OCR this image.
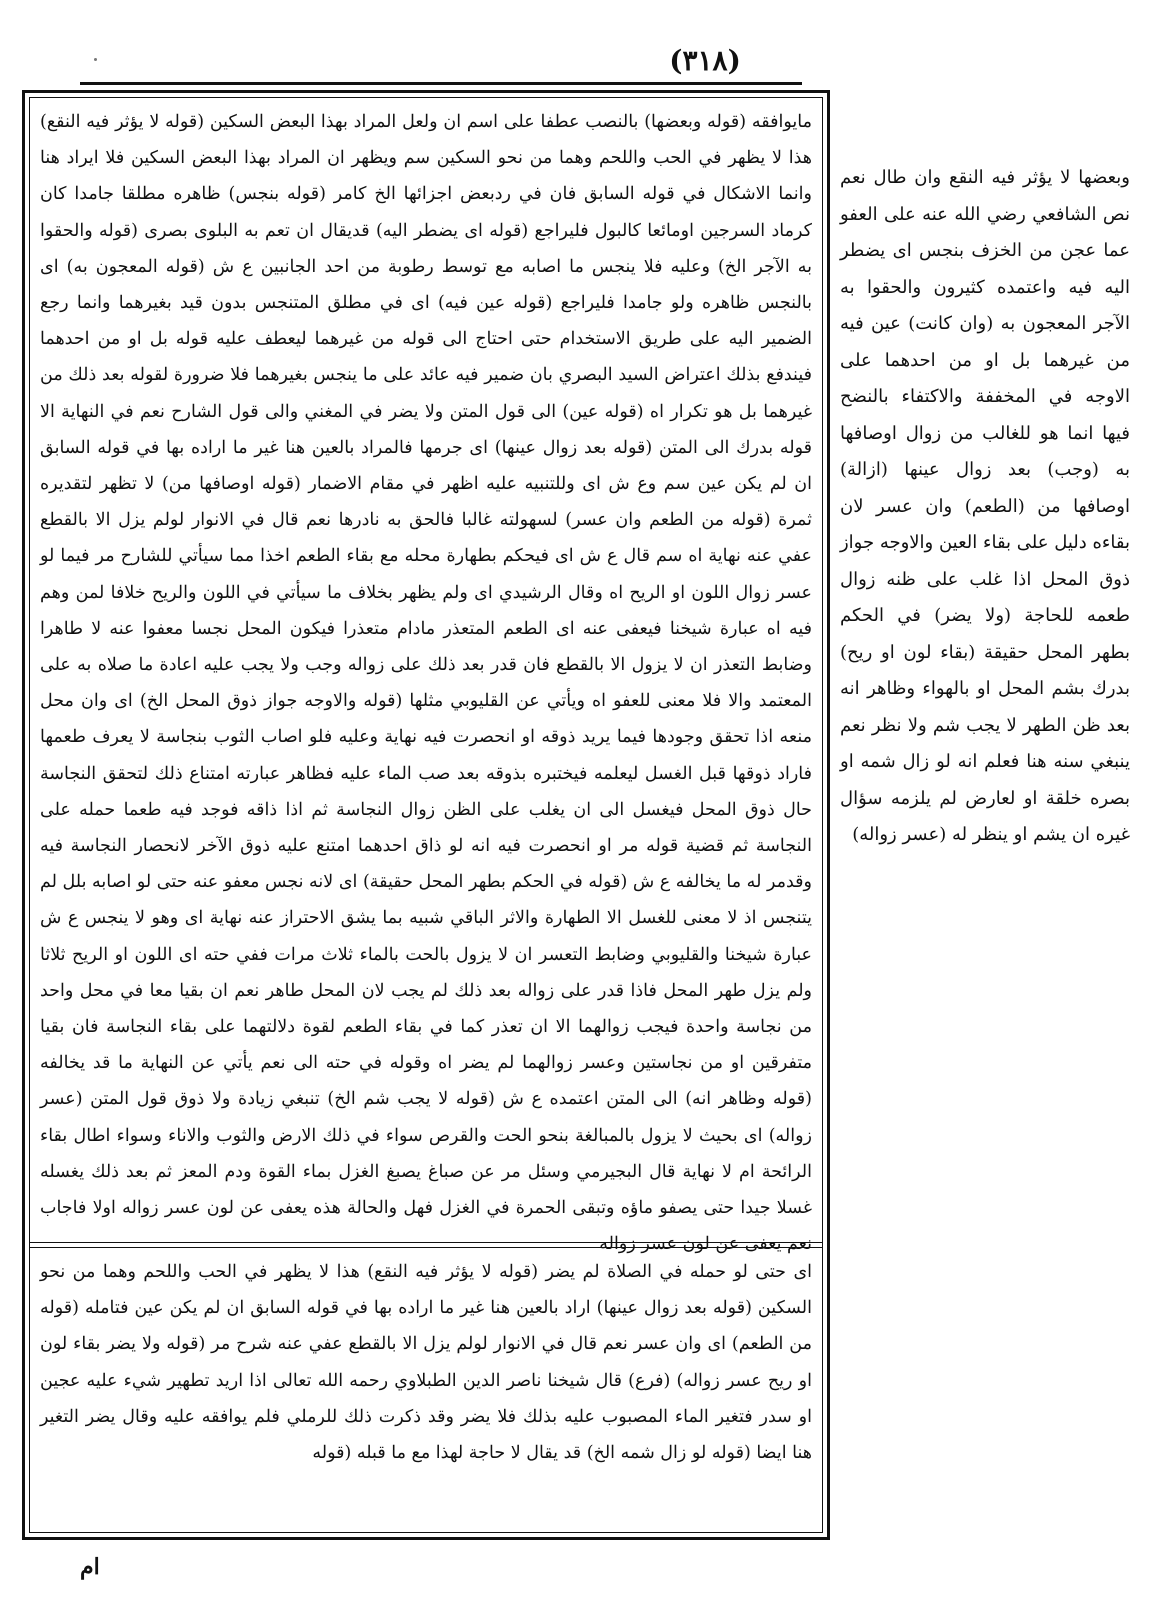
(٣١٨)

مايوافقه (قوله وبعضها) بالنصب عطفا على اسم ان ولعل المراد بهذا البعض السكين (قوله لا يؤثر فيه النقع) هذا لا يظهر في الحب واللحم وهما من نحو السكين سم ويظهر ان المراد بهذا البعض السكين فلا ايراد هنا وانما الاشكال في قوله السابق فان في ردبعض اجزائها الخ كامر (قوله بنجس) ظاهره مطلقا جامدا كان كرماد السرجين اومائعا كالبول فليراجع (قوله اى يضطر اليه) قديقال ان تعم به البلوى بصرى (قوله والحقوا به الآجر الخ) وعليه فلا ينجس ما اصابه مع توسط رطوبة من احد الجانبين ع ش (قوله المعجون به) اى بالنجس ظاهره ولو جامدا فليراجع (قوله عين فيه) اى في مطلق المتنجس بدون قيد بغيرهما وانما رجع الضمير اليه على طريق الاستخدام حتى احتاج الى قوله من غيرهما ليعطف عليه قوله بل او من احدهما فيندفع بذلك اعتراض السيد البصري بان ضمير فيه عائد على ما ينجس بغيرهما فلا ضرورة لقوله بعد ذلك من غيرهما بل هو تكرار اه (قوله عين) الى قول المتن ولا يضر في المغني والى قول الشارح نعم في النهاية الا قوله بدرك الى المتن (قوله بعد زوال عينها) اى جرمها فالمراد بالعين هنا غير ما اراده بها في قوله السابق ان لم يكن عين سم وع ش اى وللتنبيه عليه اظهر في مقام الاضمار (قوله اوصافها من) لا تظهر لتقديره ثمرة (قوله من الطعم وان عسر) لسهولته غالبا فالحق به نادرها نعم قال في الانوار لولم يزل الا بالقطع عفي عنه نهاية اه سم قال ع ش اى فيحكم بطهارة محله مع بقاء الطعم اخذا مما سيأتي للشارح مر فيما لو عسر زوال اللون او الريح اه وقال الرشيدي اى ولم يظهر بخلاف ما سيأتي في اللون والريح خلافا لمن وهم فيه اه عبارة شيخنا فيعفى عنه اى الطعم المتعذر مادام متعذرا فيكون المحل نجسا معفوا عنه لا طاهرا وضابط التعذر ان لا يزول الا بالقطع فان قدر بعد ذلك على زواله وجب ولا يجب عليه اعادة ما صلاه به على المعتمد والا فلا معنى للعفو اه ويأتي عن القليوبي مثلها (قوله والاوجه جواز ذوق المحل الخ) اى وان محل منعه اذا تحقق وجودها فيما يريد ذوقه او انحصرت فيه نهاية وعليه فلو اصاب الثوب بنجاسة لا يعرف طعمها فاراد ذوقها قبل الغسل ليعلمه فيختبره بذوقه بعد صب الماء عليه فظاهر عبارته امتناع ذلك لتحقق النجاسة حال ذوق المحل فيغسل الى ان يغلب على الظن زوال النجاسة ثم اذا ذاقه فوجد فيه طعما حمله على النجاسة ثم قضية قوله مر او انحصرت فيه انه لو ذاق احدهما امتنع عليه ذوق الآخر لانحصار النجاسة فيه وقدمر له ما يخالفه ع ش (قوله في الحكم بطهر المحل حقيقة) اى لانه نجس معفو عنه حتى لو اصابه بلل لم يتنجس اذ لا معنى للغسل الا الطهارة والاثر الباقي شبيه بما يشق الاحتراز عنه نهاية اى وهو لا ينجس ع ش عبارة شيخنا والقليوبي وضابط التعسر ان لا يزول بالحت بالماء ثلاث مرات ففي حته اى اللون او الريح ثلاثا ولم يزل طهر المحل فاذا قدر على زواله بعد ذلك لم يجب لان المحل طاهر نعم ان بقيا معا في محل واحد من نجاسة واحدة فيجب زوالهما الا ان تعذر كما في بقاء الطعم لقوة دلالتهما على بقاء النجاسة فان بقيا متفرقين او من نجاستين وعسر زوالهما لم يضر اه وقوله في حته الى نعم يأتي عن النهاية ما قد يخالفه (قوله وظاهر انه) الى المتن اعتمده ع ش (قوله لا يجب شم الخ) تنبغي زيادة ولا ذوق قول المتن (عسر زواله) اى بحيث لا يزول بالمبالغة بنحو الحت والقرص سواء في ذلك الارض والثوب والاناء وسواء اطال بقاء الرائحة ام لا نهاية قال البجيرمي وسئل مر عن صباغ يصبغ الغزل بماء القوة ودم المعز ثم بعد ذلك يغسله غسلا جيدا حتى يصفو ماؤه وتبقى الحمرة في الغزل فهل والحالة هذه يعفى عن لون عسر زواله اولا فاجاب نعم يعفى عن لون عسر زواله

اى حتى لو حمله في الصلاة لم يضر (قوله لا يؤثر فيه النقع) هذا لا يظهر في الحب واللحم وهما من نحو السكين (قوله بعد زوال عينها) اراد بالعين هنا غير ما اراده بها في قوله السابق ان لم يكن عين فتامله (قوله من الطعم) اى وان عسر نعم قال في الانوار لولم يزل الا بالقطع عفي عنه شرح مر (قوله ولا يضر بقاء لون او ريح عسر زواله) (فرع) قال شيخنا ناصر الدين الطبلاوي رحمه الله تعالى اذا اريد تطهير شيء عليه عجين او سدر فتغير الماء المصبوب عليه بذلك فلا يضر وقد ذكرت ذلك للرملي فلم يوافقه عليه وقال يضر التغير هنا ايضا (قوله لو زال شمه الخ) قد يقال لا حاجة لهذا مع ما قبله (قوله

وبعضها لا يؤثر فيه النقع وان طال نعم نص الشافعي رضي الله عنه على العفو عما عجن من الخزف بنجس اى يضطر اليه فيه واعتمده كثيرون والحقوا به الآجر المعجون به (وان كانت) عين فيه من غيرهما بل او من احدهما على الاوجه في المخففة والاكتفاء بالنضح فيها انما هو للغالب من زوال اوصافها به (وجب) بعد زوال عينها (ازالة) اوصافها من (الطعم) وان عسر لان بقاءه دليل على بقاء العين والاوجه جواز ذوق المحل اذا غلب على ظنه زوال طعمه للحاجة (ولا يضر) في الحكم بطهر المحل حقيقة (بقاء لون او ريح) بدرك بشم المحل او بالهواء وظاهر انه بعد ظن الطهر لا يجب شم ولا نظر نعم ينبغي سنه هنا فعلم انه لو زال شمه او بصره خلقة او لعارض لم يلزمه سؤال غيره ان يشم او ينظر له (عسر زواله)

ام
